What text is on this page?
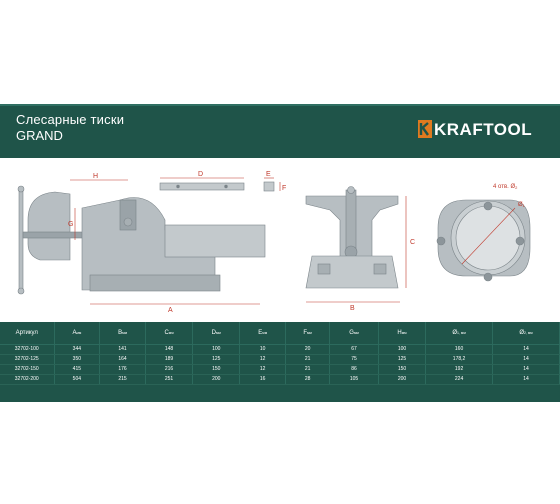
Слесарные тиски
GRAND	KRAFTOOL
H	D	E
F
G
A	B
C
4 отв. Ø2
Ø1
Артикул	Aмм	Bмм	Cмм	Dмм	Eмм	Fмм	Gмм	Hмм	Ø1, мм	Ø2, мм
32702-100	344	141	148	100	10	20	67	100	160	14
32702-125	350	164	189	125	12	21	75	125	178,2	14
32702-150	415	176	216	150	12	21	86	150	192	14
32702-200	504	215	251	200	16	28	105	200	224	14
